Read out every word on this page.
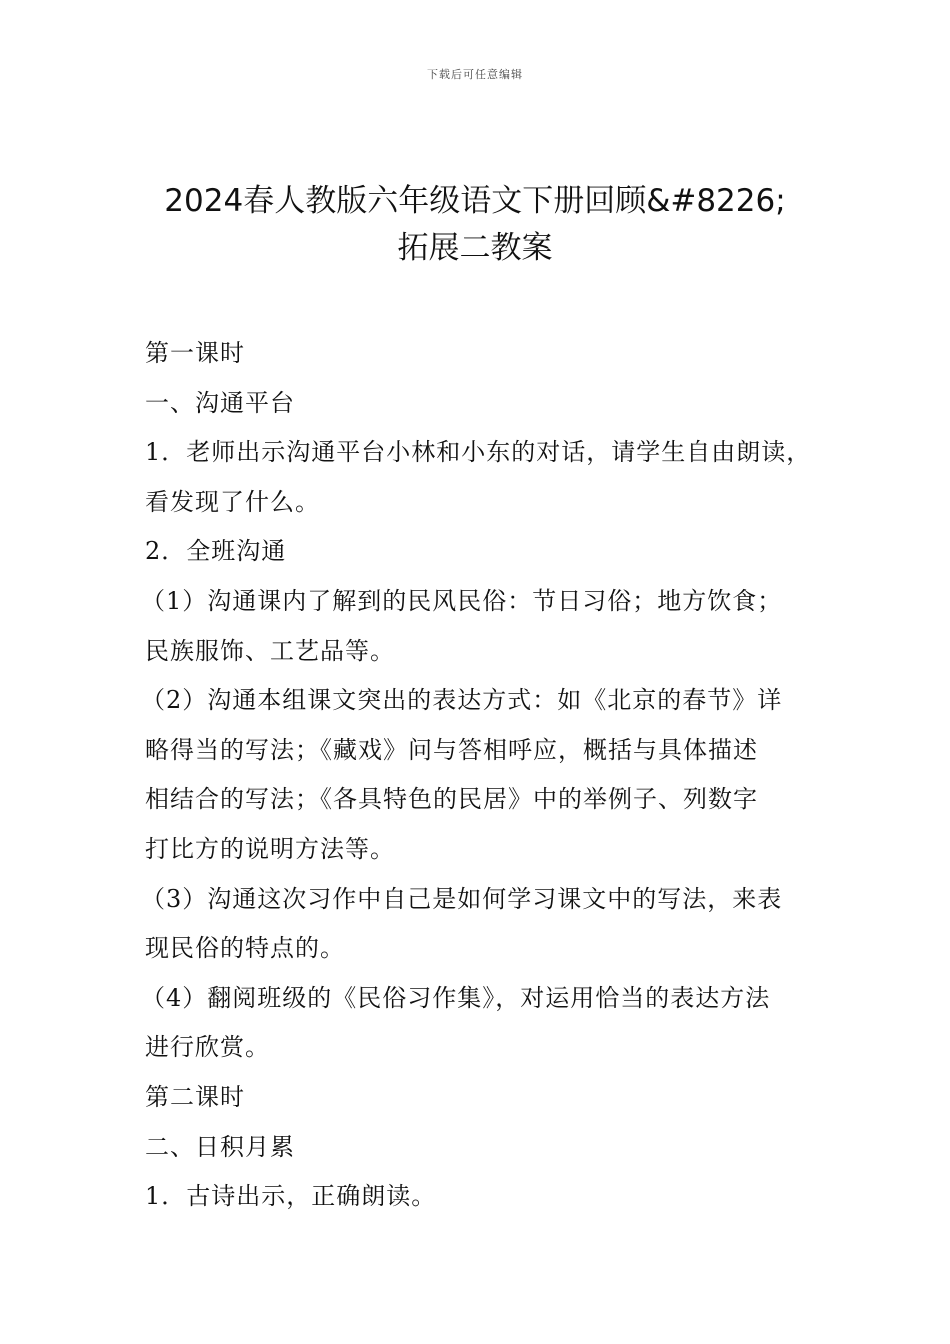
下载后可任意编辑
2024春人教版六年级语文下册回顾&#8226;
拓展二教案

第一课时

一、沟通平台

1．老师出示沟通平台小林和小东的对话，请学生自由朗读，

看发现了什么。

2．全班沟通

（1）沟通课内了解到的民风民俗：节日习俗；地方饮食；

民族服饰、工艺品等。

（2）沟通本组课文突出的表达方式：如《北京的春节》详

略得当的写法；《藏戏》问与答相呼应，概括与具体描述

相结合的写法；《各具特色的民居》中的举例子、列数字

打比方的说明方法等。

（3）沟通这次习作中自己是如何学习课文中的写法，来表

现民俗的特点的。

（4）翻阅班级的《民俗习作集》，对运用恰当的表达方法

进行欣赏。

第二课时

二、日积月累

1．古诗出示，正确朗读。
